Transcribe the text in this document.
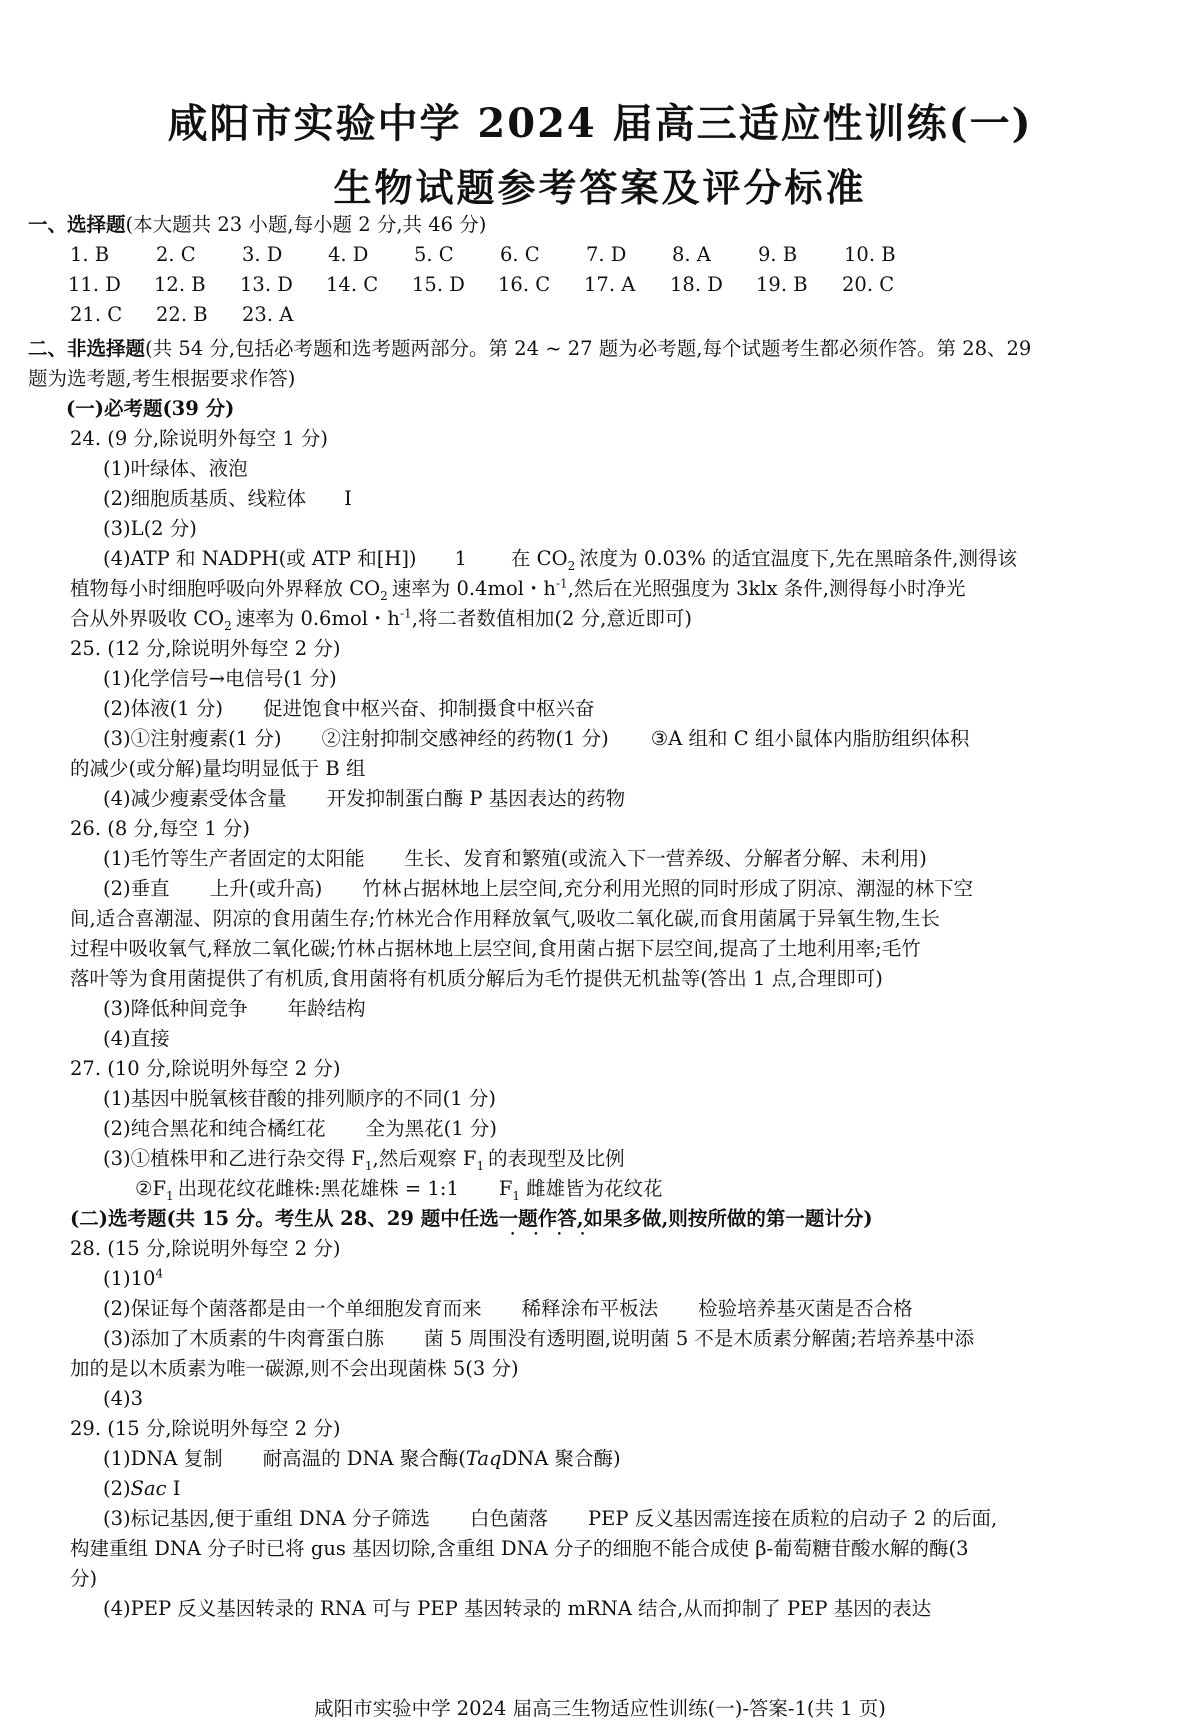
咸阳市实验中学 2024 届高三适应性训练(一)
生物试题参考答案及评分标准
一、选择题(本大题共 23 小题,每小题 2 分,共 46 分)
1. B 2. C 3. D 4. D 5. C 6. C 7. D 8. A 9. B 10. B
11. D 12. B 13. D 14. C 15. D 16. C 17. A 18. D 19. B 20. C
21. C 22. B 23. A
二、非选择题(共 54 分,包括必考题和选考题两部分。第 24 ~ 27 题为必考题,每个试题考生都必须作答。第 28、29
题为选考题,考生根据要求作答)
(一)必考题(39 分)
24. (9 分,除说明外每空 1 分)
(1)叶绿体、液泡
(2)细胞质基质、线粒体 Ⅰ
(3)L(2 分)
(4)ATP 和 NADPH(或 ATP 和[H]) 1 在 $CO_2$ 浓度为 0.03% 的适宜温度下,先在黑暗条件,测得该
植物每小时细胞呼吸向外界释放 $CO_2$ 速率为 0.4mol・$h^{-1}$,然后在光照强度为 3klx 条件,测得每小时净光
合从外界吸收 $CO_2$ 速率为 0.6mol・$h^{-1}$,将二者数值相加(2 分,意近即可)
25. (12 分,除说明外每空 2 分)
(1)化学信号→电信号(1 分)
(2)体液(1 分) 促进饱食中枢兴奋、抑制摄食中枢兴奋
(3)①注射瘦素(1 分) ②注射抑制交感神经的药物(1 分) ③A 组和 C 组小鼠体内脂肪组织体积
的减少(或分解)量均明显低于 B 组
(4)减少瘦素受体含量 开发抑制蛋白酶 P 基因表达的药物
26. (8 分,每空 1 分)
(1)毛竹等生产者固定的太阳能 生长、发育和繁殖(或流入下一营养级、分解者分解、未利用)
(2)垂直 上升(或升高) 竹林占据林地上层空间,充分利用光照的同时形成了阴凉、潮湿的林下空
间,适合喜潮湿、阴凉的食用菌生存;竹林光合作用释放氧气,吸收二氧化碳,而食用菌属于异氧生物,生长
过程中吸收氧气,释放二氧化碳;竹林占据林地上层空间,食用菌占据下层空间,提高了土地利用率;毛竹
落叶等为食用菌提供了有机质,食用菌将有机质分解后为毛竹提供无机盐等(答出 1 点,合理即可)
(3)降低种间竞争 年龄结构
(4)直接
27. (10 分,除说明外每空 2 分)
(1)基因中脱氧核苷酸的排列顺序的不同(1 分)
(2)纯合黑花和纯合橘红花 全为黑花(1 分)
(3)①植株甲和乙进行杂交得 $F_1$,然后观察 $F_1$ 的表现型及比例
$②F_1$ 出现花纹花雌株:黑花雄株 = 1:1 $F_1$ 雌雄皆为花纹花
(二)选考题(共 15 分。考生从 28、29 题中任选一题作答,如果多做,则按所做的第一题计分)
••••
28. (15 分,除说明外每空 2 分)
$(1)10^4$
(2)保证每个菌落都是由一个单细胞发育而来 稀释涂布平板法 检验培养基灭菌是否合格
(3)添加了木质素的牛肉膏蛋白胨 菌 5 周围没有透明圈,说明菌 5 不是木质素分解菌;若培养基中添
加的是以木质素为唯一碳源,则不会出现菌株 5(3 分)
(4)3
29. (15 分,除说明外每空 2 分)
(1)DNA 复制 耐高温的 DNA 聚合酶(TaqDNA 聚合酶)
(2)Sac Ⅰ
(3)标记基因,便于重组 DNA 分子筛选 白色菌落 PEP 反义基因需连接在质粒的启动子 2 的后面,
构建重组 DNA 分子时已将 gus 基因切除,含重组 DNA 分子的细胞不能合成使 β-葡萄糖苷酸水解的酶(3
分)
(4)PEP 反义基因转录的 RNA 可与 PEP 基因转录的 mRNA 结合,从而抑制了 PEP 基因的表达
咸阳市实验中学 2024 届高三生物适应性训练(一)-答案-1(共 1 页)
